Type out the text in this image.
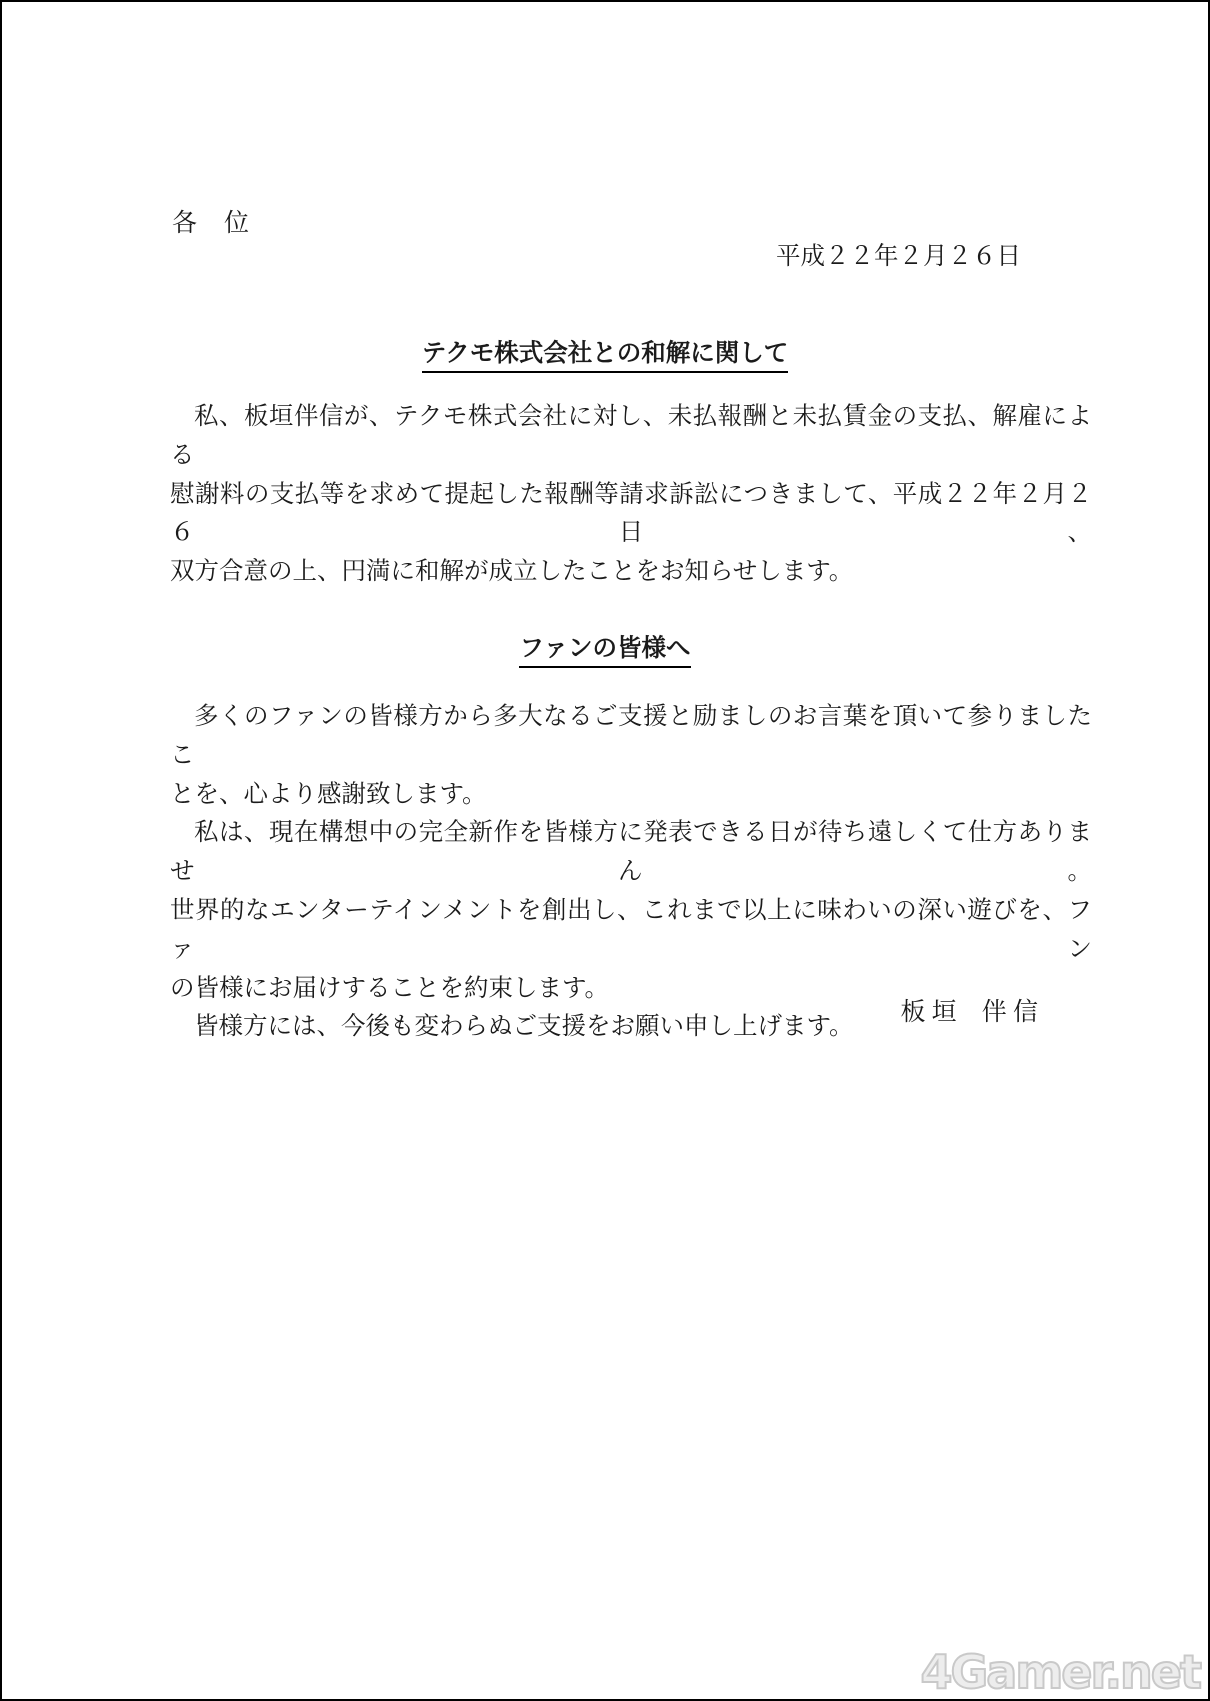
各　位
平成２２年２月２６日
テクモ株式会社との和解に関して
私、板垣伴信が、テクモ株式会社に対し、未払報酬と未払賃金の支払、解雇による
慰謝料の支払等を求めて提起した報酬等請求訴訟につきまして、平成２２年２月２６日、
双方合意の上、円満に和解が成立したことをお知らせします。
ファンの皆様へ
多くのファンの皆様方から多大なるご支援と励ましのお言葉を頂いて参りましたこ
とを、心より感謝致します。
私は、現在構想中の完全新作を皆様方に発表できる日が待ち遠しくて仕方ありません。
世界的なエンターテインメントを創出し、これまで以上に味わいの深い遊びを、ファン
の皆様にお届けすることを約束します。
皆様方には、今後も変わらぬご支援をお願い申し上げます。
板 垣　伴 信
4Gamer.net
